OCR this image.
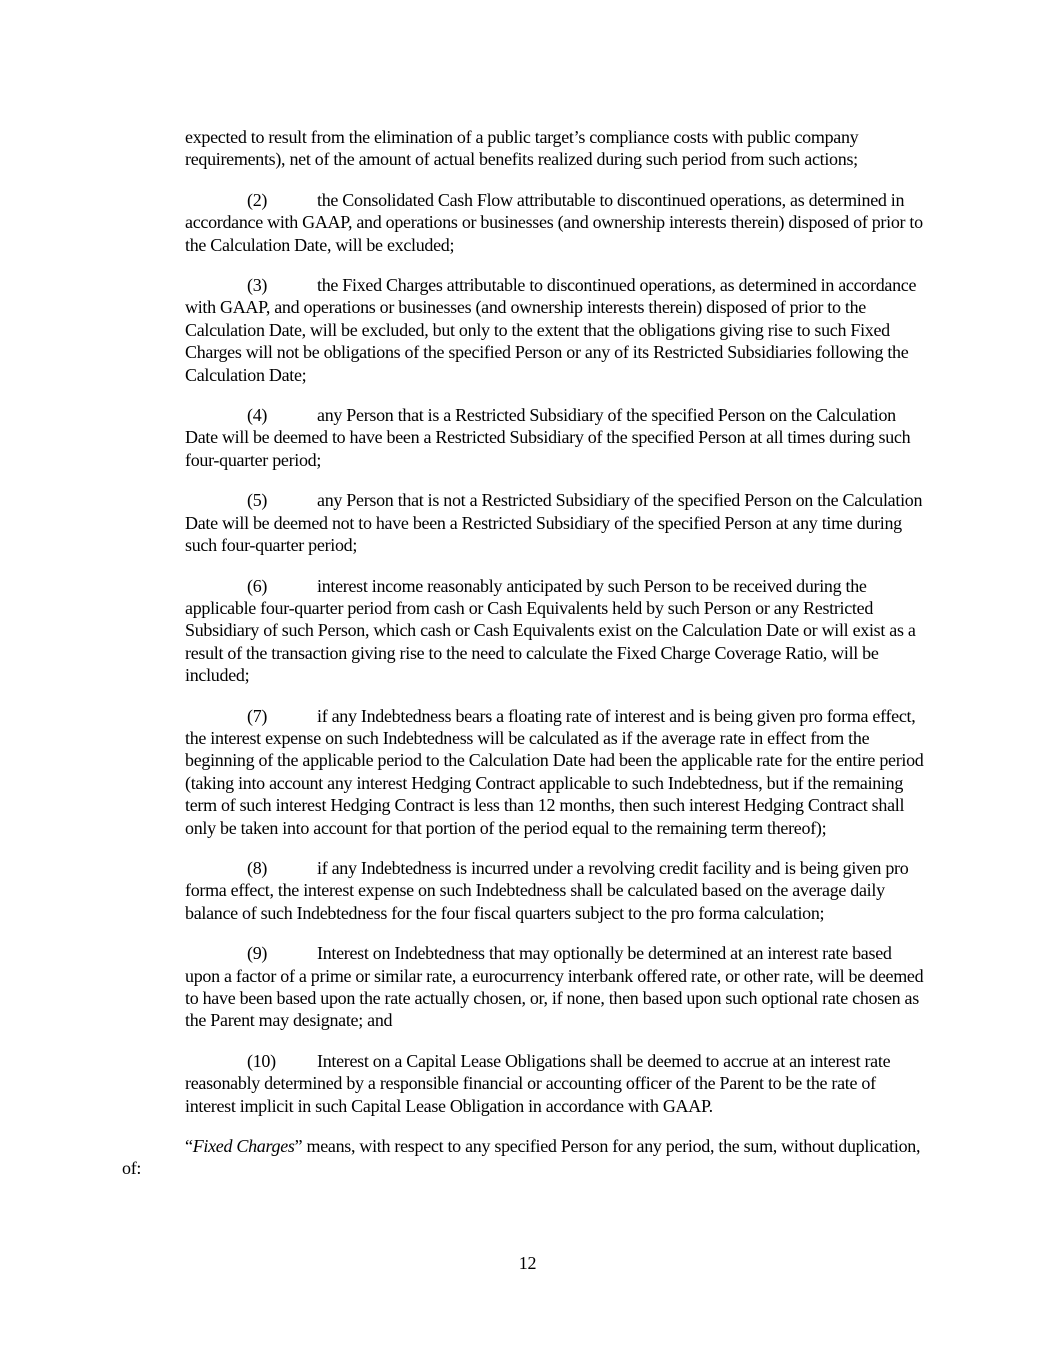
expected to result from the elimination of a public target’s compliance costs with public company requirements), net of the amount of actual benefits realized during such period from such actions;

(2)	the Consolidated Cash Flow attributable to discontinued operations, as determined in accordance with GAAP, and operations or businesses (and ownership interests therein) disposed of prior to the Calculation Date, will be excluded;

(3)	the Fixed Charges attributable to discontinued operations, as determined in accordance with GAAP, and operations or businesses (and ownership interests therein) disposed of prior to the Calculation Date, will be excluded, but only to the extent that the obligations giving rise to such Fixed Charges will not be obligations of the specified Person or any of its Restricted Subsidiaries following the Calculation Date;

(4)	any Person that is a Restricted Subsidiary of the specified Person on the Calculation Date will be deemed to have been a Restricted Subsidiary of the specified Person at all times during such four-quarter period;

(5)	any Person that is not a Restricted Subsidiary of the specified Person on the Calculation Date will be deemed not to have been a Restricted Subsidiary of the specified Person at any time during such four-quarter period;

(6)	interest income reasonably anticipated by such Person to be received during the applicable four-quarter period from cash or Cash Equivalents held by such Person or any Restricted Subsidiary of such Person, which cash or Cash Equivalents exist on the Calculation Date or will exist as a result of the transaction giving rise to the need to calculate the Fixed Charge Coverage Ratio, will be included;

(7)	if any Indebtedness bears a floating rate of interest and is being given pro forma effect, the interest expense on such Indebtedness will be calculated as if the average rate in effect from the beginning of the applicable period to the Calculation Date had been the applicable rate for the entire period (taking into account any interest Hedging Contract applicable to such Indebtedness, but if the remaining term of such interest Hedging Contract is less than 12 months, then such interest Hedging Contract shall only be taken into account for that portion of the period equal to the remaining term thereof);

(8)	if any Indebtedness is incurred under a revolving credit facility and is being given pro forma effect, the interest expense on such Indebtedness shall be calculated based on the average daily balance of such Indebtedness for the four fiscal quarters subject to the pro forma calculation;

(9)	Interest on Indebtedness that may optionally be determined at an interest rate based upon a factor of a prime or similar rate, a eurocurrency interbank offered rate, or other rate, will be deemed to have been based upon the rate actually chosen, or, if none, then based upon such optional rate chosen as the Parent may designate; and

(10) Interest on a Capital Lease Obligations shall be deemed to accrue at an interest rate reasonably determined by a responsible financial or accounting officer of the Parent to be the rate of interest implicit in such Capital Lease Obligation in accordance with GAAP.

“Fixed Charges” means, with respect to any specified Person for any period, the sum, without duplication, of:

12
